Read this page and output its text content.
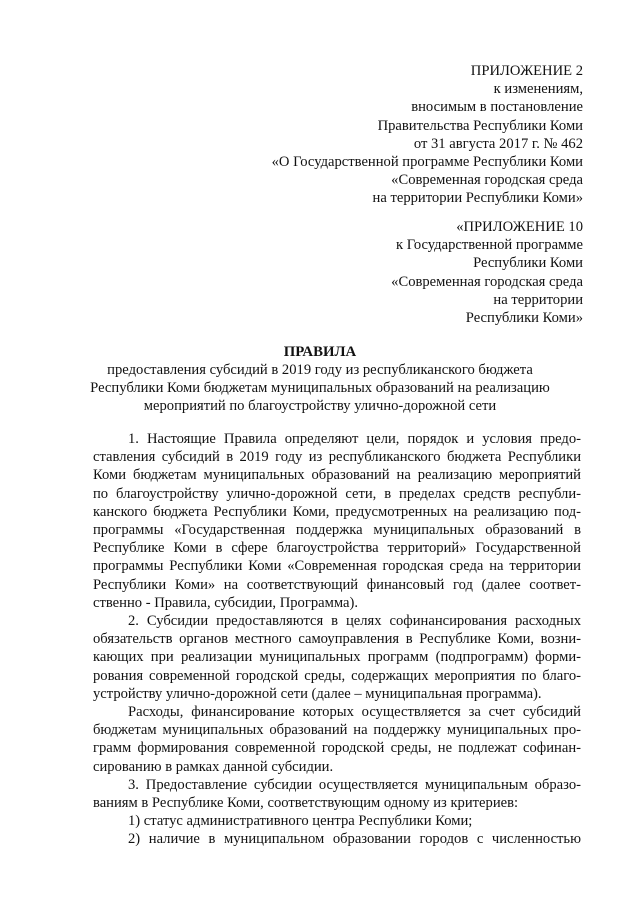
ПРИЛОЖЕНИЕ 2
к изменениям,
вносимым в постановление
Правительства Республики Коми
от 31 августа 2017 г. № 462
«О Государственной программе Республики Коми
«Современная городская среда
на территории Республики Коми»
«ПРИЛОЖЕНИЕ 10
к Государственной программе
Республики Коми
«Современная городская среда
на территории
Республики Коми»
ПРАВИЛА
предоставления субсидий в 2019 году из республиканского бюджета
Республики Коми бюджетам муниципальных образований на реализацию
мероприятий по благоустройству улично-дорожной сети
1. Настоящие Правила определяют цели, порядок и условия предо-
ставления субсидий в 2019 году из республиканского бюджета Республики
Коми бюджетам муниципальных образований на реализацию мероприятий
по благоустройству улично-дорожной сети, в пределах средств республи-
канского бюджета Республики Коми, предусмотренных на реализацию под-
программы «Государственная поддержка муниципальных образований в
Республике Коми в сфере благоустройства территорий» Государственной
программы Республики Коми «Современная городская среда на территории
Республики Коми» на соответствующий финансовый год (далее соответ-
ственно - Правила, субсидии, Программа).
2. Субсидии предоставляются в целях софинансирования расходных
обязательств органов местного самоуправления в Республике Коми, возни-
кающих при реализации муниципальных программ (подпрограмм) форми-
рования современной городской среды, содержащих мероприятия по благо-
устройству улично-дорожной сети (далее – муниципальная программа).
Расходы, финансирование которых осуществляется за счет субсидий
бюджетам муниципальных образований на поддержку муниципальных про-
грамм формирования современной городской среды, не подлежат софинан-
сированию в рамках данной субсидии.
3. Предоставление субсидии осуществляется муниципальным образо-
ваниям в Республике Коми, соответствующим одному из критериев:
1) статус административного центра Республики Коми;
2) наличие в муниципальном образовании городов с численностью
